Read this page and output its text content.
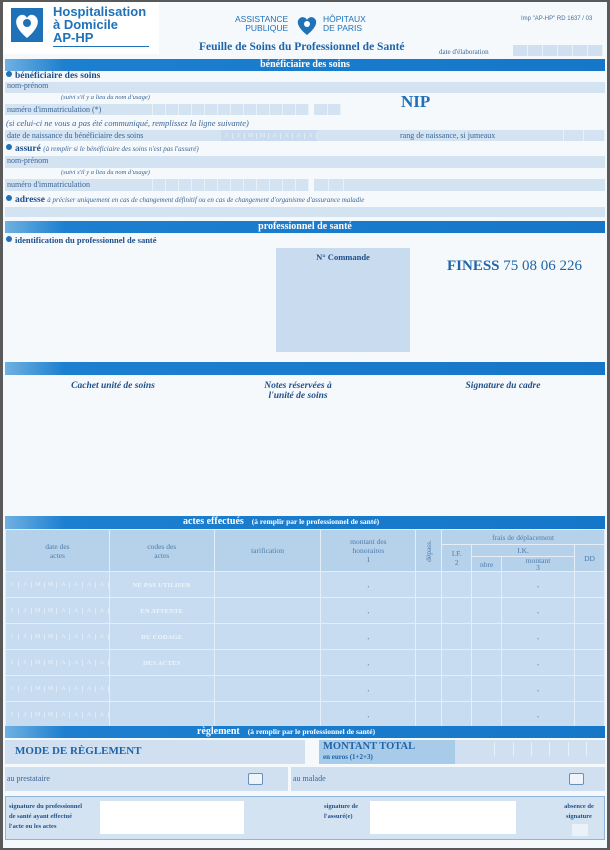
Hospitalisation
à Domicile
AP-HP
ASSISTANCE
PUBLIQUE
HÔPITAUX
DE PARIS
Imp "AP-HP" RD 1637 / 03
Feuille de Soins du Professionnel de Santé	date d'élaboration
bénéficiaire des soins
bénéficiaire des soins
nom-prénom
(suivi s'il y a lieu du nom d'usage)
numéro d'immatriculation (*)	NIP
(si celui-ci ne vous a pas été communiqué, remplissez la ligne suivante)
date de naissance du bénéficiaire des soins	J	J	M	M	A	A	A	A	rang de naissance, si jumeaux
assuré (à remplir si le bénéficiaire des soins n'est pas l'assuré)
nom-prénom
(suivi s'il y a lieu du nom d'usage)
numéro d'immatriculation
adresse à préciser uniquement en cas de changement définitif ou en cas de changement d'organisme d'assurance maladie
professionnel de santé
identification du professionnel de santé
N° Commande
FINESS 75 08 06 226
Cachet unité de soins	Notes réservées à
l'unité de soins
Signature du cadre
actes effectués (à remplir par le professionnel de santé)
date des
actes

codes des
actes	tarification	
montant des
honoraires
1	dépass.
	frais de déplacement

					I.F.
2	I.K.		DD
						nbre	montant
3	

J	J	M	M	A	A	A	A	NE PAS UTILISER		,				,	

J	J	M	M	A	A	A	A	EN ATTENTE		,				,	

J	J	M	M	A	A	A	A	DU CODAGE		,				,	

J	J	M	M	A	A	A	A	DES ACTES		,				,	

J	J	M	M	A	A	A	A			,				,	

J	J	M	M	A	A	A	A			,				,	
règlement (à remplir par le professionnel de santé)
MODE DE RÈGLEMENT	MONTANT TOTAL
en euros (1+2+3)
au prestataire	au malade
signature du professionnel
de santé ayant effectué
l'acte ou les actes
signature de
l'assuré(e)
absence de
signature
